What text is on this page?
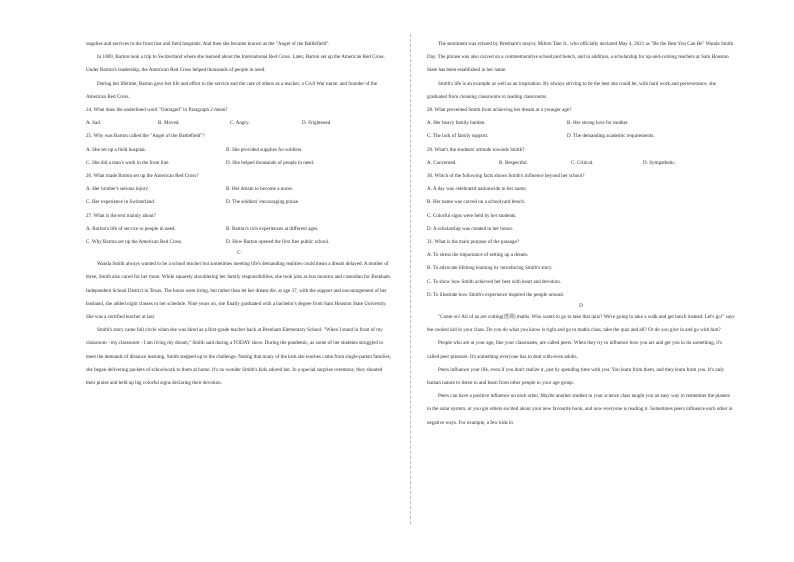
supplies and services to the front line and field hospitals. And then she became known as the "Angel of the Battlefield".

In 1869, Barton took a trip to Switzerland where she learned about the International Red Cross. Later, Barton set up the American Red Cross. Under Barton's leadership, the American Red Cross helped thousands of people in need.

During her lifetime, Barton gave her life and effort to the service and the care of others as a teacher, a Civil War nurse, and founder of the American Red Cross.

24. What does the underlined word "Outraged" in Paragraph 2 mean?

A. Sad.	B. Moved.	C. Angry.	D. Frightened

25. Why was Barton called the "Angel of the Battlefield"?

A. She set up a field hospital.	B. She provided supplies for soldiers.
C. She did a man's work in the front line.	D. She helped thousands of people in need.

26. What made Barton set up the American Red Cross?

A. Her brother's serious injury.	B. Her dream to become a nurse.
C. Her experience in Switzerland.	D. The soldiers' encouraging praise.

27. What is the text mainly about?

A. Barton's life of service to people in need.	B. Barton's rich experiences at different ages.
C. Why Barton set up the American Red Cross.	D. How Barton opened the first free public school.

C

Wanda Smith always wanted to be a school teacher but sometimes meeting life's demanding realities could mean a dream delayed. A mother of three, Smith also cared for her mom. While squarely shouldering her family responsibilities, she took jobs as bus monitor and custodian for Brenham Independent School District in Texas. The hours were tiring, but rather than let her dream die, at age 37, with the support and encouragement of her husband, she added night classes to her schedule. Nine years on, she finally graduated with a bachelor's degree from Sam Houston State University. She was a certified teacher at last.

Smith's story came full circle when she was hired as a first-grade teacher back at Brenham Elementary School. "When I stand in front of my classroom - my classroom - I am living my dream," Smith said during a TODAY show. During the pandemic, as some of her students struggled to meet the demands of distance learning, Smith stepped up to the challenge. Noting that many of the kids she teaches came from single-parent families, she began delivering packets of schoolwork to them at home. It's no wonder Smith's kids adored her. In a special surprise ceremony, they shouted their praise and held up big colorful signs declaring their devotion.

The sentiment was echoed by Brenham's mayor, Milton Tate Jr., who officially declared May 4, 2021 as "Be the Best You Can Be" Wanda Smith Day. The phrase was also carved on a commemorative schoolyard bench, and in addition, a scholarship for up-and-coming teachers at Sam Houston State has been established in her name.

Smith's life is an example as well as an inspiration. By always striving to be the best she could be, with hard work and perseverance, she graduated from cleaning classrooms to leading classrooms.

28. What prevented Smith from achieving her dream at a younger age?

A. Her heavy family burden.	B. Her strong love for mother.
C. The lack of family support.	D. The demanding academic requirements.

29. What's the students' attitude towards Smith?

A. Concerned.	B. Respectful.	C. Critical.	D. Sympathetic.

30. Which of the following facts shows Smith's influence beyond her school?

A. A day was celebrated nationwide in her name.

B. Her name was carved on a schoolyard bench.

C. Colorful signs were held by her students.

D. A scholarship was created in her honor.

31. What is the main purpose of the passage?

A. To stress the importance of setting up a dream.

B. To advocate lifelong learning by introducing Smith's story.

C. To show how Smith achieved her best with heart and devotion.

D. To illustrate how Smith's experience inspired the people around.

D

"Come on! All of us are cutting(逃课) maths. Who wants to go to take that quiz? We're going to take a walk and get lunch instead. Let's go!" says the coolest kid in your class. Do you do what you know is right and go to maths class, take the quiz and all? Or do you give in and go with him?

People who are at your age, like your classmates, are called peers. When they try to influence how you act and get you to do something, it's called peer pressure. It's something everyone has to deal with-even adults.

Peers influence your life, even if you don't realize it, just by spending time with you. You learn from them, and they learn from you. It's only human nature to listen to and learn from other people in your age group.

Peers can have a positive influence on each other. Maybe another student in your science class taught you an easy way to remember the planets in the solar system, or you got others excited about your new favourite book, and now everyone is reading it. Sometimes peers influence each other in negative ways. For example, a few kids in
